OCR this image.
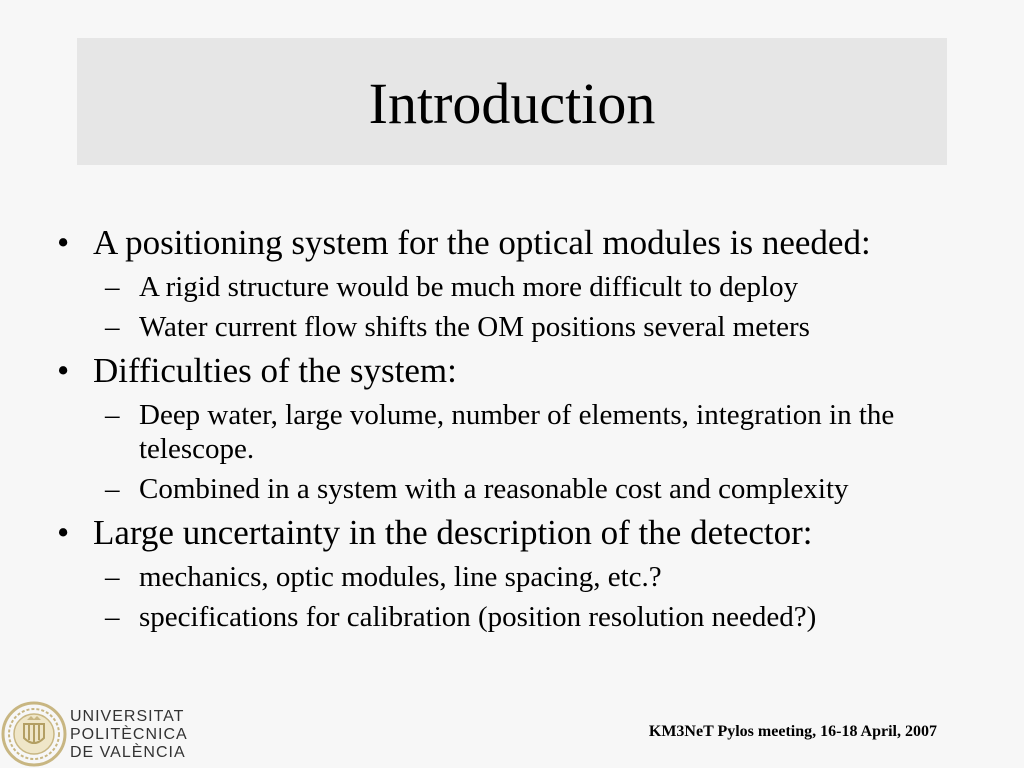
Introduction
• A positioning system for the optical modules is needed:
– A rigid structure would be much more difficult to deploy
– Water current flow shifts the OM positions several meters
• Difficulties of the system:
– Deep water, large volume, number of elements, integration in the telescope.
– Combined in a system with a reasonable cost and complexity
• Large uncertainty in the description of the detector:
– mechanics, optic modules, line spacing, etc.?
– specifications for calibration (position resolution needed?)
UNIVERSITAT
POLITÈCNICA
DE VALÈNCIA
KM3NeT Pylos meeting, 16-18 April, 2007
